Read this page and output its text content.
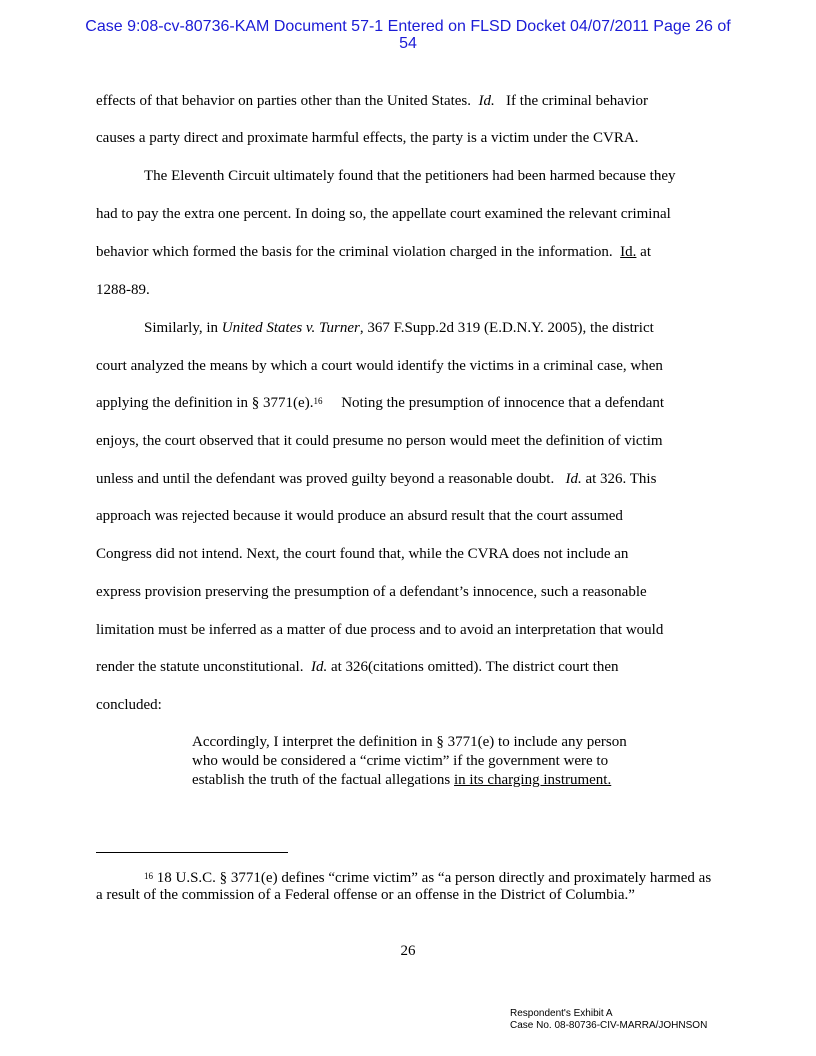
Case 9:08-cv-80736-KAM Document 57-1 Entered on FLSD Docket 04/07/2011 Page 26 of
54
effects of that behavior on parties other than the United States. Id. If the criminal behavior
causes a party direct and proximate harmful effects, the party is a victim under the CVRA.
The Eleventh Circuit ultimately found that the petitioners had been harmed because they
had to pay the extra one percent. In doing so, the appellate court examined the relevant criminal
behavior which formed the basis for the criminal violation charged in the information. Id. at
1288-89.
Similarly, in United States v. Turner, 367 F.Supp.2d 319 (E.D.N.Y. 2005), the district
court analyzed the means by which a court would identify the victims in a criminal case, when
applying the definition in § 3771(e).$^{16}$ Noting the presumption of innocence that a defendant
enjoys, the court observed that it could presume no person would meet the definition of victim
unless and until the defendant was proved guilty beyond a reasonable doubt. Id. at 326. This
approach was rejected because it would produce an absurd result that the court assumed
Congress did not intend. Next, the court found that, while the CVRA does not include an
express provision preserving the presumption of a defendant’s innocence, such a reasonable
limitation must be inferred as a matter of due process and to avoid an interpretation that would
render the statute unconstitutional. Id. at 326(citations omitted). The district court then
concluded:
Accordingly, I interpret the definition in § 3771(e) to include any person who would be considered a “crime victim” if the government were to establish the truth of the factual allegations in its charging instrument.
$^{16}$ 18 U.S.C. § 3771(e) defines “crime victim” as “a person directly and proximately harmed as a result of the commission of a Federal offense or an offense in the District of Columbia.”
26
Respondent's Exhibit A
Case No. 08-80736-CIV-MARRA/JOHNSON
